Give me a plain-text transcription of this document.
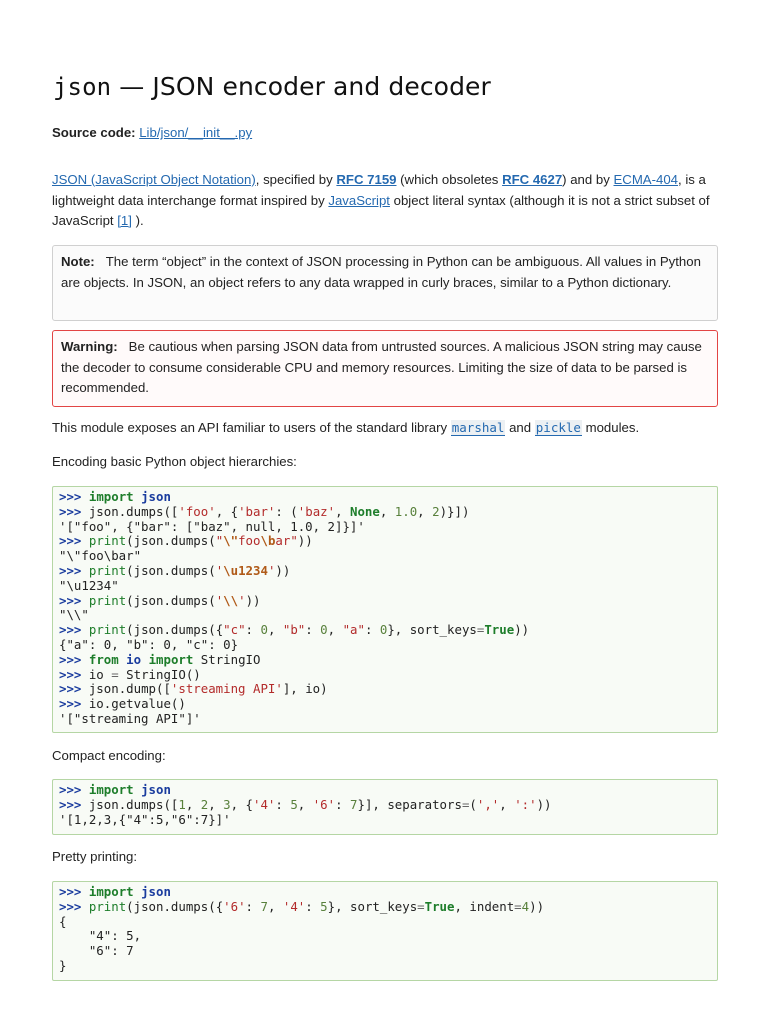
json — JSON encoder and decoder

Source code: Lib/json/__init__.py

JSON (JavaScript Object Notation), specified by RFC 7159 (which obsoletes RFC 4627) and by ECMA-404, is a lightweight data interchange format inspired by JavaScript object literal syntax (although it is not a strict subset of JavaScript [1] ).

Note: The term “object” in the context of JSON processing in Python can be ambiguous. All values in Python are objects. In JSON, an object refers to any data wrapped in curly braces, similar to a Python dictionary.
Warning: Be cautious when parsing JSON data from untrusted sources. A malicious JSON string may cause the decoder to consume considerable CPU and memory resources. Limiting the size of data to be parsed is recommended.

This module exposes an API familiar to users of the standard library marshal and pickle modules.

Encoding basic Python object hierarchies:

>>> import json
>>> json.dumps(['foo', {'bar': ('baz', None, 1.0, 2)}])
'["foo", {"bar": ["baz", null, 1.0, 2]}]'
>>> print(json.dumps("\"foo\bar"))
"\"foo\bar"
>>> print(json.dumps('\u1234'))
"\u1234"
>>> print(json.dumps('\\'))
"\\"
>>> print(json.dumps({"c": 0, "b": 0, "a": 0}, sort_keys=True))
{"a": 0, "b": 0, "c": 0}
>>> from io import StringIO
>>> io = StringIO()
>>> json.dump(['streaming API'], io)
>>> io.getvalue()
'["streaming API"]'

Compact encoding:

>>> import json
>>> json.dumps([1, 2, 3, {'4': 5, '6': 7}], separators=(',', ':'))
'[1,2,3,{"4":5,"6":7}]'

Pretty printing:

>>> import json
>>> print(json.dumps({'6': 7, '4': 5}, sort_keys=True, indent=4))
{
"4": 5,
"6": 7
}
